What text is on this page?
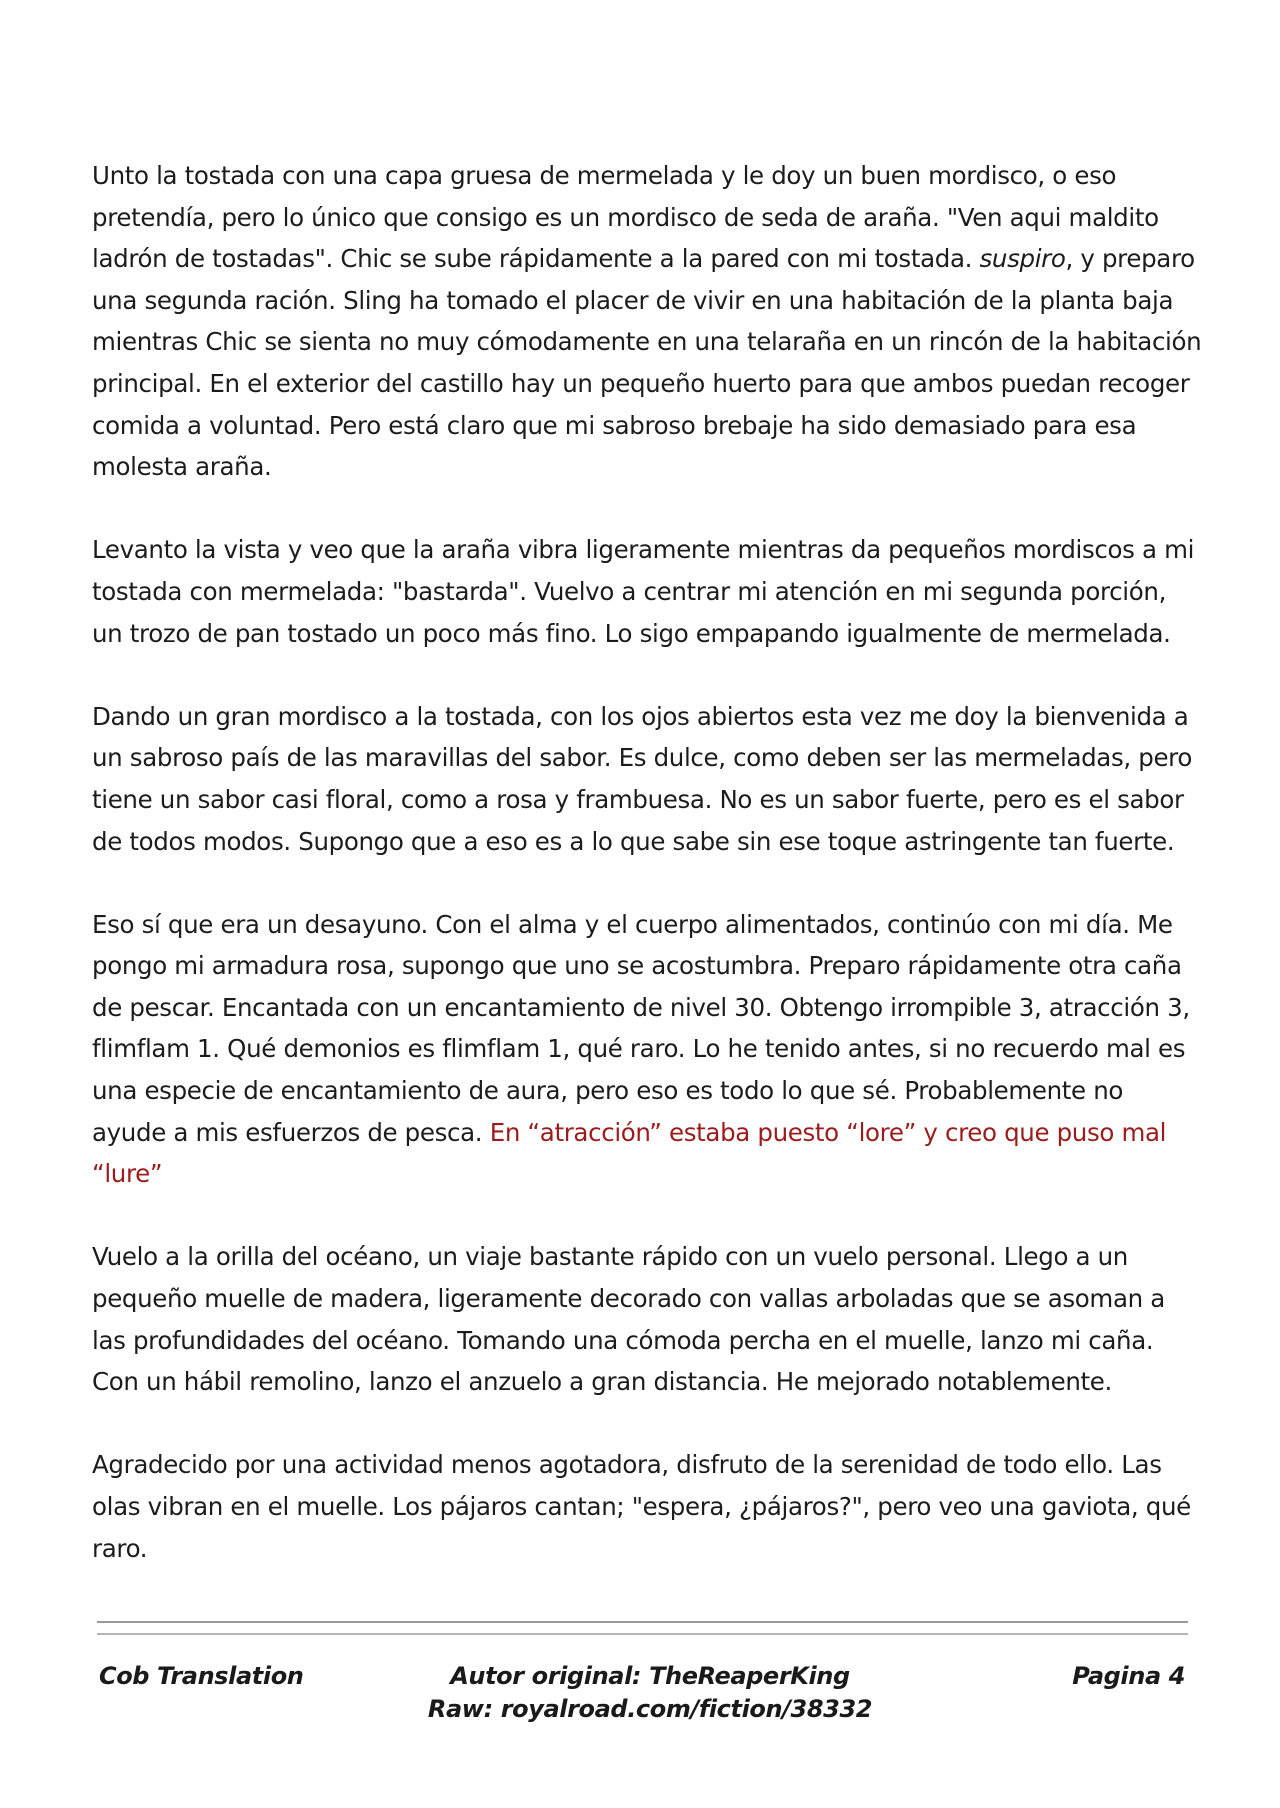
Unto la tostada con una capa gruesa de mermelada y le doy un buen mordisco, o eso pretendía, pero lo único que consigo es un mordisco de seda de araña. "Ven aqui maldito ladrón de tostadas". Chic se sube rápidamente a la pared con mi tostada. suspiro, y preparo una segunda ración. Sling ha tomado el placer de vivir en una habitación de la planta baja mientras Chic se sienta no muy cómodamente en una telaraña en un rincón de la habitación principal. En el exterior del castillo hay un pequeño huerto para que ambos puedan recoger comida a voluntad. Pero está claro que mi sabroso brebaje ha sido demasiado para esa molesta araña.

Levanto la vista y veo que la araña vibra ligeramente mientras da pequeños mordiscos a mi tostada con mermelada: "bastarda". Vuelvo a centrar mi atención en mi segunda porción, un trozo de pan tostado un poco más fino. Lo sigo empapando igualmente de mermelada.

Dando un gran mordisco a la tostada, con los ojos abiertos esta vez me doy la bienvenida a un sabroso país de las maravillas del sabor. Es dulce, como deben ser las mermeladas, pero tiene un sabor casi floral, como a rosa y frambuesa. No es un sabor fuerte, pero es el sabor de todos modos. Supongo que a eso es a lo que sabe sin ese toque astringente tan fuerte.

Eso sí que era un desayuno. Con el alma y el cuerpo alimentados, continúo con mi día. Me pongo mi armadura rosa, supongo que uno se acostumbra. Preparo rápidamente otra caña de pescar. Encantada con un encantamiento de nivel 30. Obtengo irrompible 3, atracción 3, flimflam 1. Qué demonios es flimflam 1, qué raro. Lo he tenido antes, si no recuerdo mal es una especie de encantamiento de aura, pero eso es todo lo que sé. Probablemente no ayude a mis esfuerzos de pesca. En “atracción” estaba puesto “lore” y creo que puso mal “lure”

Vuelo a la orilla del océano, un viaje bastante rápido con un vuelo personal. Llego a un pequeño muelle de madera, ligeramente decorado con vallas arboladas que se asoman a las profundidades del océano. Tomando una cómoda percha en el muelle, lanzo mi caña. Con un hábil remolino, lanzo el anzuelo a gran distancia. He mejorado notablemente.

Agradecido por una actividad menos agotadora, disfruto de la serenidad de todo ello. Las olas vibran en el muelle. Los pájaros cantan; "espera, ¿pájaros?", pero veo una gaviota, qué raro.

Cob Translation	Autor original: TheReaperKing
Raw: royalroad.com/fiction/38332
Pagina 4
